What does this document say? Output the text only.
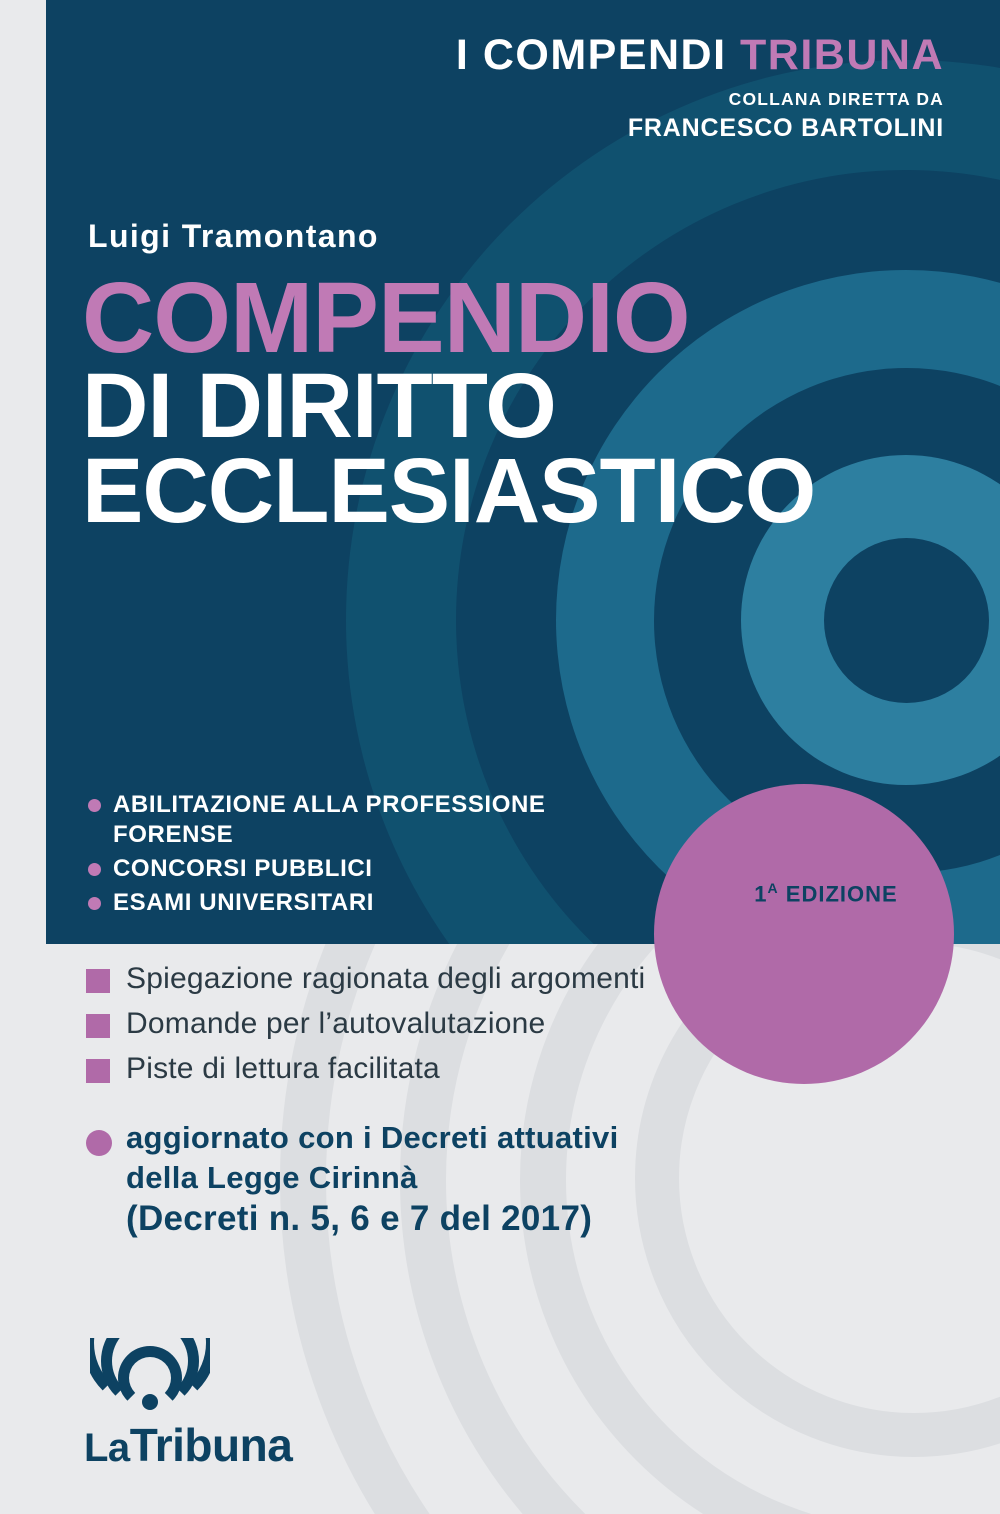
I COMPENDI TRIBUNA
COLLANA DIRETTA DA
FRANCESCO BARTOLINI
Luigi Tramontano
COMPENDIO
DI DIRITTO
ECCLESIASTICO
$1^A$ EDIZIONE
ABILITAZIONE ALLA PROFESSIONE FORENSE
CONCORSI PUBBLICI
ESAMI UNIVERSITARI
Spiegazione ragionata degli argomenti
Domande per l’autovalutazione
Piste di lettura facilitata
aggiornato con i Decreti attuativi
della Legge Cirinnà
(Decreti n. 5, 6 e 7 del 2017)
LaTribuna
